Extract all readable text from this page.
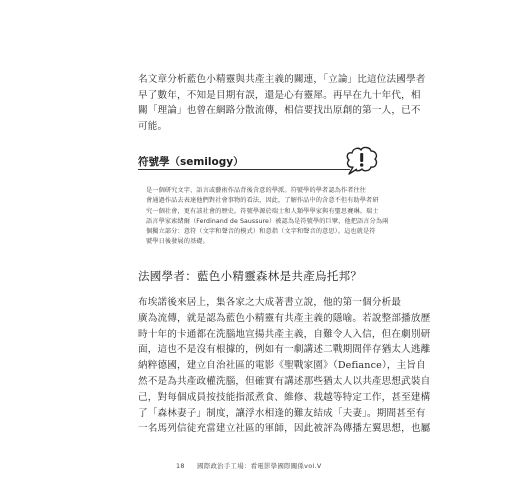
名文章分析藍色小精靈與共產主義的關連，「立論」比這位法國學者
早了數年，不知是目期有誤，還是心有靈犀。再早在九十年代，相
關「理論」也曾在網路分散流傳，相信要找出原創的第一人，已不
可能。
符號學（semilogy）
是一個研究文字、語言或藝術作品背後含意的學派。符號學的學者認為作者往往
會通過作品去表達他們對社會事物的看法，因此，了解作品中的含意不但有助學者研
究一個社會，更有該社會的歷史。符號學源於瑞士和人類學學家與有聖思賽琳。瑞士
語言學家索緒爾（Ferdinand de Saussure）被認為是符號學的巨擘，他把語言分為兩
個獨立部分：意符（文字和聲音的模式）和意指（文字和聲音的意思）。這也就是符
號學日後發展的基礎。
法國學者：藍色小精靈森林是共產烏托邦？
布埃諾後來居上，集各家之大成著書立說，他的第一個分析最
廣為流傳，就是認為藍色小精靈有共產主義的隱喻。若說整部播放歷
時十年的卡通都在洗腦地宣揚共產主義，自難令人入信，但在劇別研
面，這也不是沒有根據的，例如有一劇講述二戰期間伴存猶太人逃離
納粹德國，建立自治社區的電影《聖戰家園》（Defiance），主旨自
然不是為共產政權洗腦，但確實有講述那些猶太人以共產思想武裝自
己，對每個成員按技能指派煮食、維修、栽越等特定工作，甚至建構
了「森林妻子」制度，讓浮水相逢的難友結成「夫妻」。期間甚至有
一名馬列信徒充當建立社區的軍師，因此被評為傳播左翼思想，也屬
18 國際政治手工場：看電影學國際關係vol.V
